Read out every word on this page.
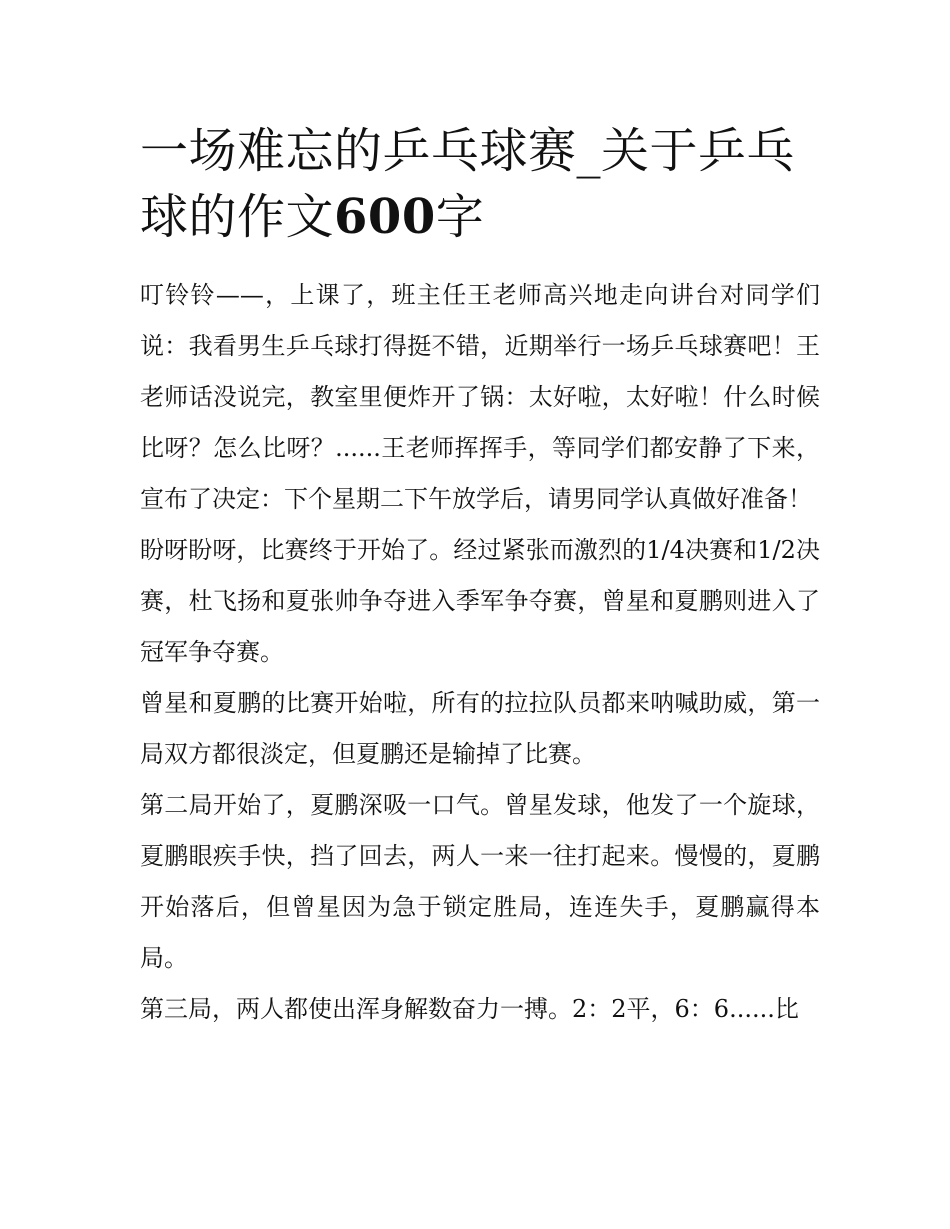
一场难忘的乒乓球赛_关于乒乓球的作文600字

叮铃铃——，上课了，班主任王老师高兴地走向讲台对同学们说：我看男生乒乓球打得挺不错，近期举行一场乒乓球赛吧！王老师话没说完，教室里便炸开了锅：太好啦，太好啦！什么时候比呀？怎么比呀？......王老师挥挥手，等同学们都安静了下来，宣布了决定：下个星期二下午放学后，请男同学认真做好准备！

盼呀盼呀，比赛终于开始了。经过紧张而激烈的1/4决赛和1/2决赛，杜飞扬和夏张帅争夺进入季军争夺赛，曾星和夏鹏则进入了冠军争夺赛。

曾星和夏鹏的比赛开始啦，所有的拉拉队员都来呐喊助威，第一局双方都很淡定，但夏鹏还是输掉了比赛。

第二局开始了，夏鹏深吸一口气。曾星发球，他发了一个旋球，夏鹏眼疾手快，挡了回去，两人一来一往打起来。慢慢的，夏鹏开始落后，但曾星因为急于锁定胜局，连连失手，夏鹏赢得本局。

第三局，两人都使出浑身解数奋力一搏。2：2平，6：6......比
